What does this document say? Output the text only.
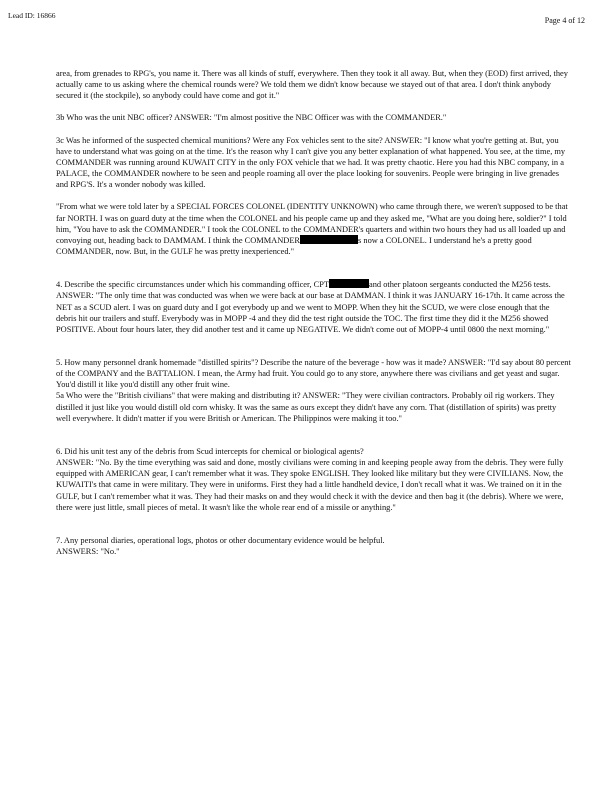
Lead ID: 16866
Page 4 of 12

area, from grenades to RPG's, you name it. There was all kinds of stuff, everywhere. Then they took it all away. But, when they (EOD) first arrived, they actually came to us asking where the chemical rounds were? We told them we didn't know because we stayed out of that area. I don't think anybody secured it (the stockpile), so anybody could have come and got it."

3b Who was the unit NBC officer? ANSWER: "I'm almost positive the NBC Officer was with the COMMANDER."

3c Was he informed of the suspected chemical munitions? Were any Fox vehicles sent to the site? ANSWER: "I know what you're getting at. But, you have to understand what was going on at the time. It's the reason why I can't give you any better explanation of what happened. You see, at the time, my COMMANDER was running around KUWAIT CITY in the only FOX vehicle that we had. It was pretty chaotic. Here you had this NBC company, in a PALACE, the COMMANDER nowhere to be seen and people roaming all over the place looking for souvenirs. People were bringing in live grenades and RPG'S. It's a wonder nobody was killed.

"From what we were told later by a SPECIAL FORCES COLONEL (IDENTITY UNKNOWN) who came through there, we weren't supposed to be that far NORTH. I was on guard duty at the time when the COLONEL and his people came up and they asked me, "What are you doing here, soldier?" I told him, "You have to ask the COMMANDER." I took the COLONEL to the COMMANDER's quarters and within two hours they had us all loaded up and convoying out, heading back to DAMMAM. I think the COMMANDER	s now a COLONEL. I understand he's a pretty good COMMANDER, now. But, in the GULF he was pretty inexperienced."

4. Describe the specific circumstances under which his commanding officer, CPT	and other platoon sergeants conducted the M256 tests.
ANSWER: "The only time that was conducted was when we were back at our base at DAMMAN. I think it was JANUARY 16-17th. It came across the NET as a SCUD alert. I was on guard duty and I got everybody up and we went to MOPP. When they hit the SCUD, we were close enough that the debris hit our trailers and stuff. Everybody was in MOPP -4 and they did the test right outside the TOC. The first time they did it the M256 showed POSITIVE. About four hours later, they did another test and it came up NEGATIVE. We didn't come out of MOPP-4 until 0800 the next morning."

5. How many personnel drank homemade "distilled spirits"? Describe the nature of the beverage - how was it made? ANSWER: "I'd say about 80 percent of the COMPANY and the BATTALION. I mean, the Army had fruit. You could go to any store, anywhere there was civilians and get yeast and sugar. You'd distill it like you'd distill any other fruit wine.
5a Who were the "British civilians" that were making and distributing it? ANSWER: "They were civilian contractors. Probably oil rig workers. They distilled it just like you would distill old corn whisky. It was the same as ours except they didn't have any corn. That (distillation of spirits) was pretty well everywhere. It didn't matter if you were British or American. The Philippinos were making it too."

6. Did his unit test any of the debris from Scud intercepts for chemical or biological agents?
ANSWER: "No. By the time everything was said and done, mostly civilians were coming in and keeping people away from the debris. They were fully equipped with AMERICAN gear, I can't remember what it was. They spoke ENGLISH. They looked like military but they were CIVILIANS. Now, the KUWAITI's that came in were military. They were in uniforms. First they had a little handheld device, I don't recall what it was. We trained on it in the GULF, but I can't remember what it was. They had their masks on and they would check it with the device and then bag it (the debris). Where we were, there were just little, small pieces of metal. It wasn't like the whole rear end of a missile or anything."

7. Any personal diaries, operational logs, photos or other documentary evidence would be helpful.
ANSWERS: "No."
